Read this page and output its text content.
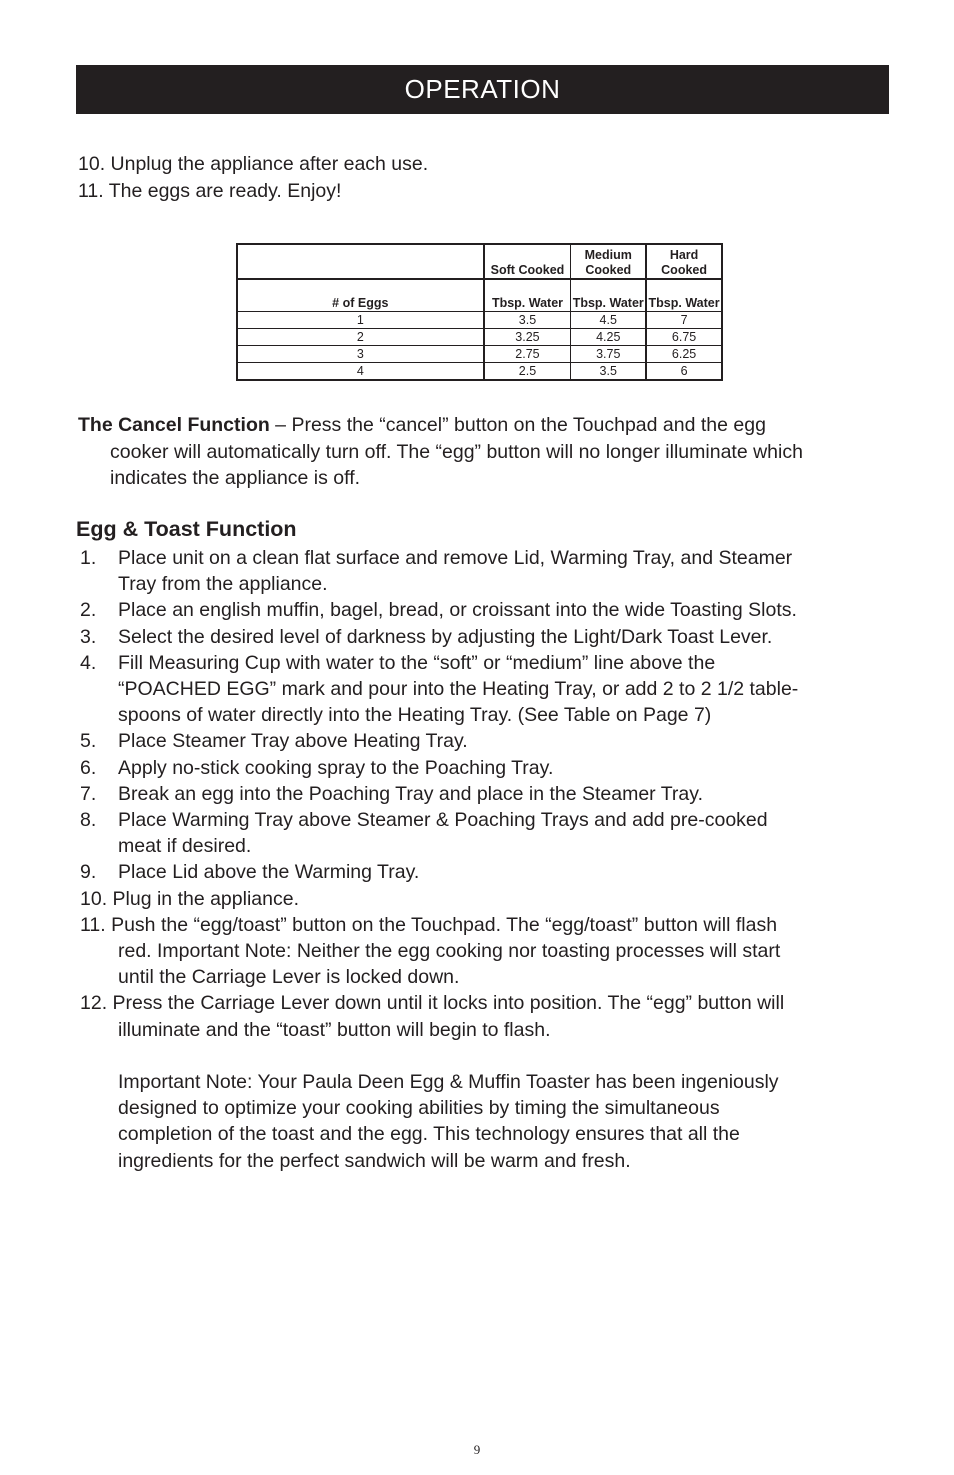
OPERATION
10. Unplug the appliance after each use.
11. The eggs are ready. Enjoy!
	Soft Cooked	Medium Cooked	Hard Cooked
# of Eggs	Tbsp. Water	Tbsp. Water	Tbsp. Water
1	3.5	4.5	7
2	3.25	4.25	6.75
3	2.75	3.75	6.25
4	2.5	3.5	6
The Cancel Function – Press the “cancel” button on the Touchpad and the egg
cooker will automatically turn off. The “egg” button will no longer illuminate which
indicates the appliance is off.
Egg & Toast Function
1. Place unit on a clean flat surface and remove Lid, Warming Tray, and Steamer
Tray from the appliance.
2. Place an english muffin, bagel, bread, or croissant into the wide Toasting Slots.
3. Select the desired level of darkness by adjusting the Light/Dark Toast Lever.
4. Fill Measuring Cup with water to the “soft” or “medium” line above the
“POACHED EGG” mark and pour into the Heating Tray, or add 2 to 2 1/2 table-
spoons of water directly into the Heating Tray. (See Table on Page 7)
5. Place Steamer Tray above Heating Tray.
6. Apply no-stick cooking spray to the Poaching Tray.
7. Break an egg into the Poaching Tray and place in the Steamer Tray.
8. Place Warming Tray above Steamer & Poaching Trays and add pre-cooked
meat if desired.
9. Place Lid above the Warming Tray.
10. Plug in the appliance.
11. Push the “egg/toast” button on the Touchpad. The “egg/toast” button will flash
red. Important Note: Neither the egg cooking nor toasting processes will start
until the Carriage Lever is locked down.
12. Press the Carriage Lever down until it locks into position. The “egg” button will
illuminate and the “toast” button will begin to flash.
Important Note: Your Paula Deen Egg & Muffin Toaster has been ingeniously
designed to optimize your cooking abilities by timing the simultaneous
completion of the toast and the egg. This technology ensures that all the
ingredients for the perfect sandwich will be warm and fresh.
9
